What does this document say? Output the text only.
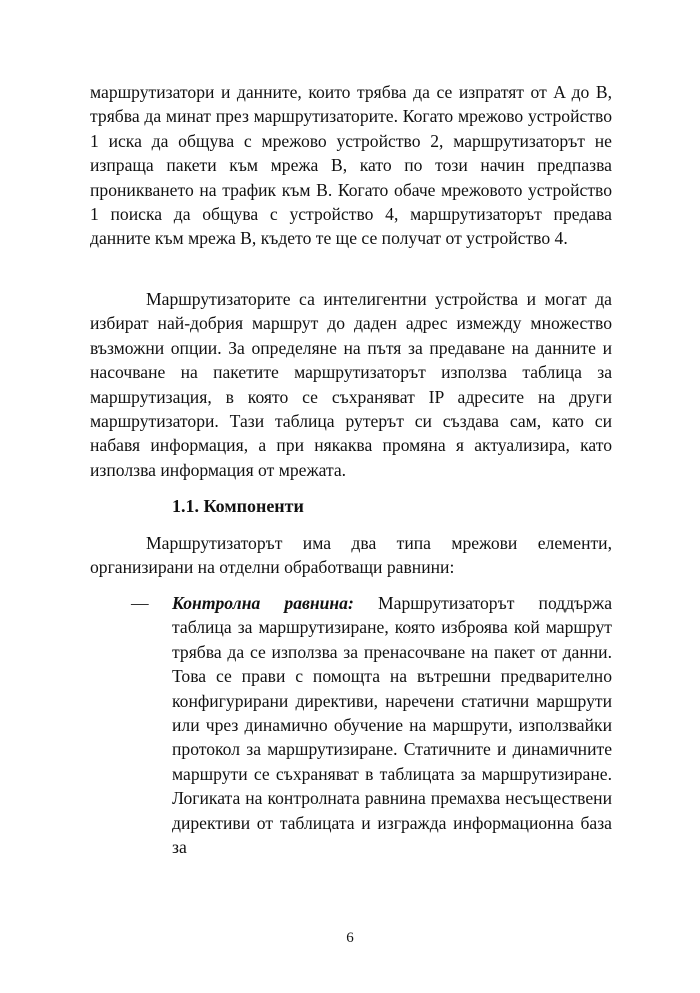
маршрутизатори и данните, които трябва да се изпратят от A до B, трябва да минат през маршрутизаторите. Когато мрежово устройство 1 иска да общува с мрежово устройство 2, маршрутизаторът не изпраща пакети към мрежа B, като по този начин предпазва проникването на трафик към B. Когато обаче мрежовото устройство 1 поиска да общува с устройство 4, маршрутизаторът предава данните към мрежа B, където те ще се получат от устройство 4.

Маршрутизаторите са интелигентни устройства и могат да избират най-добрия маршрут до даден адрес измежду множество възможни опции. За определяне на пътя за предаване на данните и насочване на пакетите маршрутизаторът използва таблица за маршрутизация, в която се съхраняват IP адресите на други маршрутизатори. Тази таблица рутерът си създава сам, като си набавя информация, а при някаква промяна я актуализира, като използва информация от мрежата.

1.1. Компоненти

Маршрутизаторът има два типа мрежови елементи, организирани на отделни обработващи равнини:

—	Контролна равнина: Маршрутизаторът поддържа таблица за маршрутизиране, която изброява кой маршрут трябва да се използва за пренасочване на пакет от данни. Това се прави с помощта на вътрешни предварително конфигурирани директиви, наречени статични маршрути или чрез динамично обучение на маршрути, използвайки протокол за маршрутизиране. Статичните и динамичните маршрути се съхраняват в таблицата за маршрутизиране. Логиката на контролната равнина премахва несъществени директиви от таблицата и изгражда информационна база за
6
